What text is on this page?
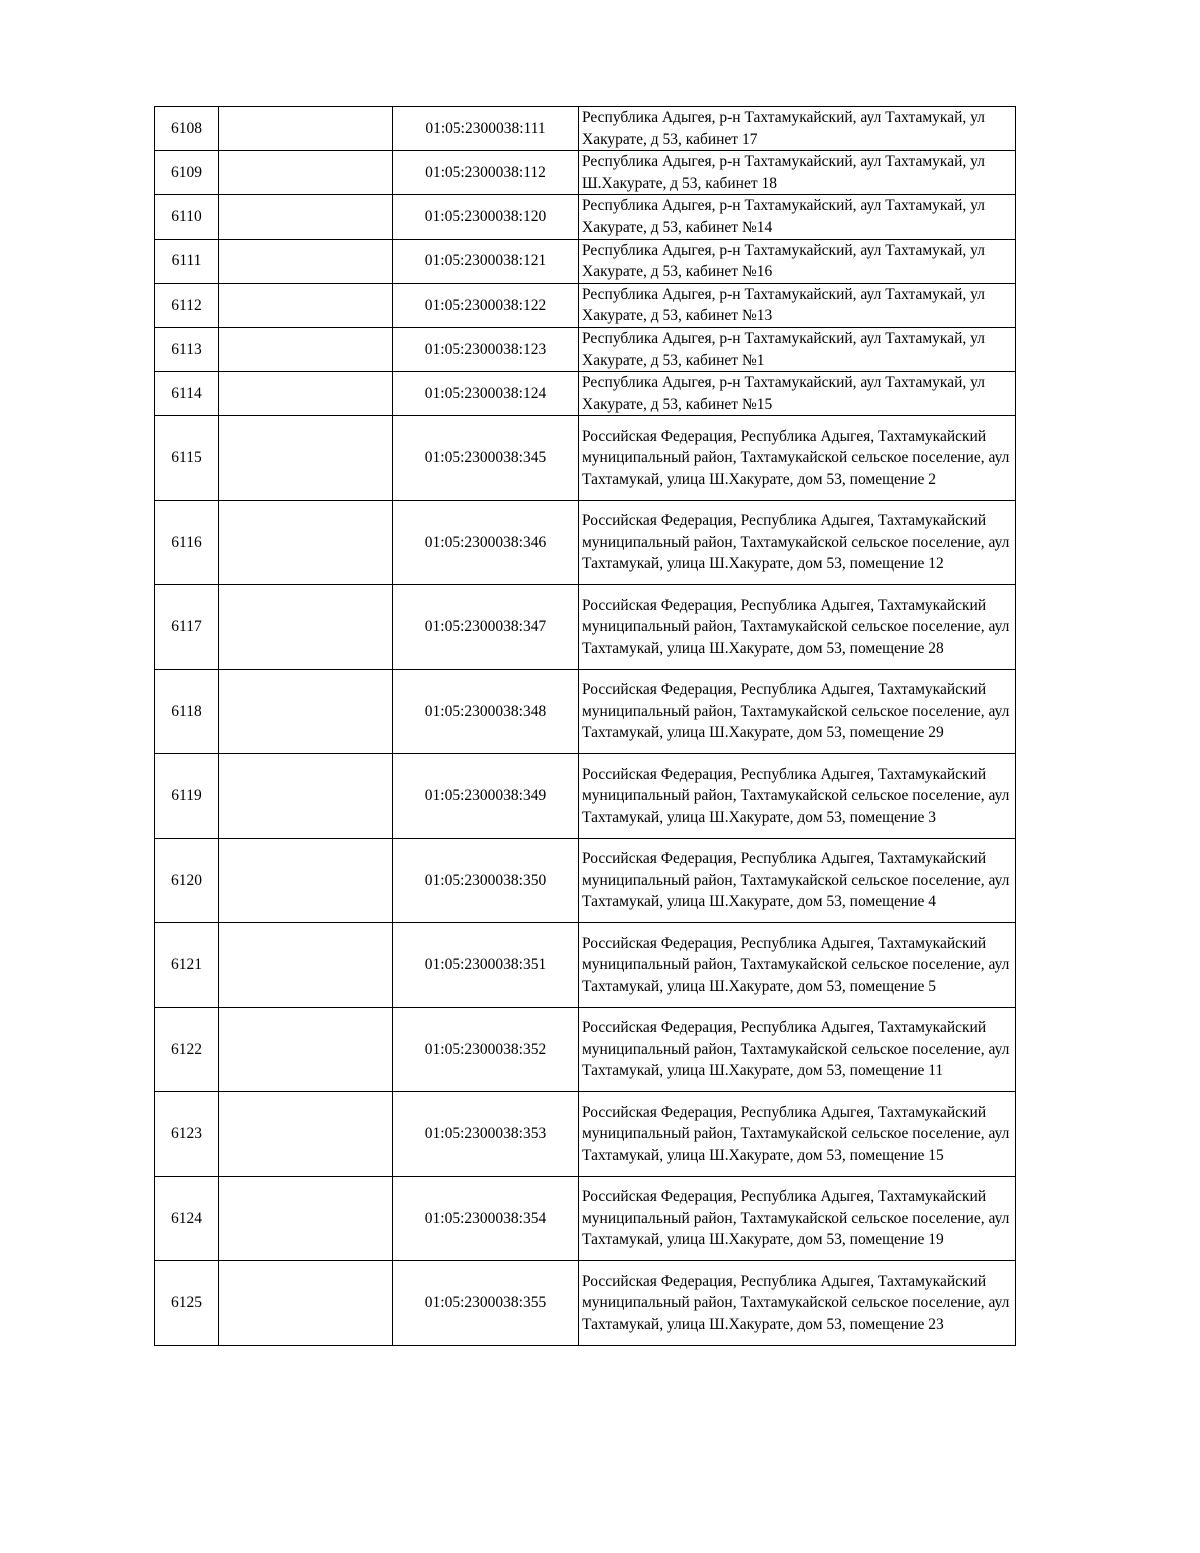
6108		01:05:2300038:111	Республика Адыгея, р-н Тахтамукайский, аул Тахтамукай, ул Хакурате, д 53, кабинет 17
6109		01:05:2300038:112	Республика Адыгея, р-н Тахтамукайский, аул Тахтамукай, ул Ш.Хакурате, д 53, кабинет 18
6110		01:05:2300038:120	Республика Адыгея, р-н Тахтамукайский, аул Тахтамукай, ул Хакурате, д 53, кабинет №14
6111		01:05:2300038:121	Республика Адыгея, р-н Тахтамукайский, аул Тахтамукай, ул Хакурате, д 53, кабинет №16
6112		01:05:2300038:122	Республика Адыгея, р-н Тахтамукайский, аул Тахтамукай, ул Хакурате, д 53, кабинет №13
6113		01:05:2300038:123	Республика Адыгея, р-н Тахтамукайский, аул Тахтамукай, ул Хакурате, д 53, кабинет №1
6114		01:05:2300038:124	Республика Адыгея, р-н Тахтамукайский, аул Тахтамукай, ул Хакурате, д 53, кабинет №15
6115		01:05:2300038:345	Российская Федерация, Республика Адыгея, Тахтамукайский муниципальный район, Тахтамукайской сельское поселение, аул Тахтамукай, улица Ш.Хакурате, дом 53, помещение 2
6116		01:05:2300038:346	Российская Федерация, Республика Адыгея, Тахтамукайский муниципальный район, Тахтамукайской сельское поселение, аул Тахтамукай, улица Ш.Хакурате, дом 53, помещение 12
6117		01:05:2300038:347	Российская Федерация, Республика Адыгея, Тахтамукайский муниципальный район, Тахтамукайской сельское поселение, аул Тахтамукай, улица Ш.Хакурате, дом 53, помещение 28
6118		01:05:2300038:348	Российская Федерация, Республика Адыгея, Тахтамукайский муниципальный район, Тахтамукайской сельское поселение, аул Тахтамукай, улица Ш.Хакурате, дом 53, помещение 29
6119		01:05:2300038:349	Российская Федерация, Республика Адыгея, Тахтамукайский муниципальный район, Тахтамукайской сельское поселение, аул Тахтамукай, улица Ш.Хакурате, дом 53, помещение 3
6120		01:05:2300038:350	Российская Федерация, Республика Адыгея, Тахтамукайский муниципальный район, Тахтамукайской сельское поселение, аул Тахтамукай, улица Ш.Хакурате, дом 53, помещение 4
6121		01:05:2300038:351	Российская Федерация, Республика Адыгея, Тахтамукайский муниципальный район, Тахтамукайской сельское поселение, аул Тахтамукай, улица Ш.Хакурате, дом 53, помещение 5
6122		01:05:2300038:352	Российская Федерация, Республика Адыгея, Тахтамукайский муниципальный район, Тахтамукайской сельское поселение, аул Тахтамукай, улица Ш.Хакурате, дом 53, помещение 11
6123		01:05:2300038:353	Российская Федерация, Республика Адыгея, Тахтамукайский муниципальный район, Тахтамукайской сельское поселение, аул Тахтамукай, улица Ш.Хакурате, дом 53, помещение 15
6124		01:05:2300038:354	Российская Федерация, Республика Адыгея, Тахтамукайский муниципальный район, Тахтамукайской сельское поселение, аул Тахтамукай, улица Ш.Хакурате, дом 53, помещение 19
6125		01:05:2300038:355	Российская Федерация, Республика Адыгея, Тахтамукайский муниципальный район, Тахтамукайской сельское поселение, аул Тахтамукай, улица Ш.Хакурате, дом 53, помещение 23
